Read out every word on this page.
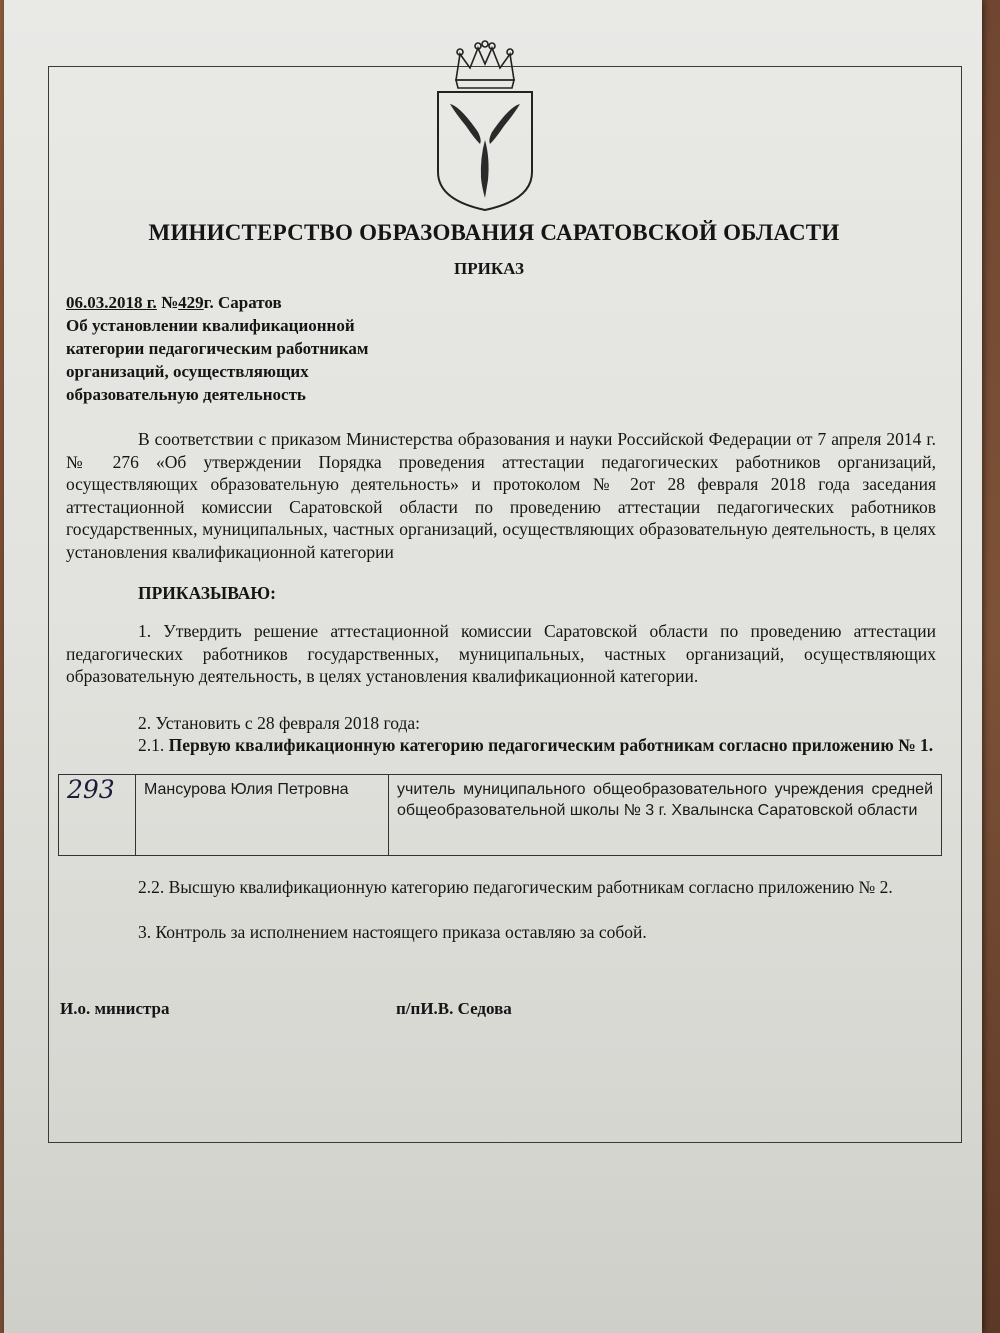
МИНИСТЕРСТВО ОБРАЗОВАНИЯ САРАТОВСКОЙ ОБЛАСТИ
ПРИКАЗ
06.03.2018 г. №429г. Саратов
Об установлении квалификационной категории педагогическим работникам организаций, осуществляющих образовательную деятельность

В соответствии с приказом Министерства образования и науки Российской Федерации от 7 апреля 2014 г. № 276 «Об утверждении Порядка проведения аттестации педагогических работников организаций, осуществляющих образовательную деятельность» и протоколом № 2от 28 февраля 2018 года заседания аттестационной комиссии Саратовской области по проведению аттестации педагогических работников государственных, муниципальных, частных организаций, осуществляющих образовательную деятельность, в целях установления квалификационной категории

ПРИКАЗЫВАЮ:

1. Утвердить решение аттестационной комиссии Саратовской области по проведению аттестации педагогических работников государственных, муниципальных, частных организаций, осуществляющих образовательную деятельность, в целях установления квалификационной категории.

2. Установить с 28 февраля 2018 года:

2.1. Первую квалификационную категорию педагогическим работникам согласно приложению № 1.

293	Мансурова Юлия Петровна	учитель муниципального общеобразовательного учреждения средней общеобразовательной школы № 3 г. Хвалынска Саратовской области

2.2. Высшую квалификационную категорию педагогическим работникам согласно приложению № 2.

3. Контроль за исполнением настоящего приказа оставляю за собой.

И.о. министра	п/пИ.В. Седова
